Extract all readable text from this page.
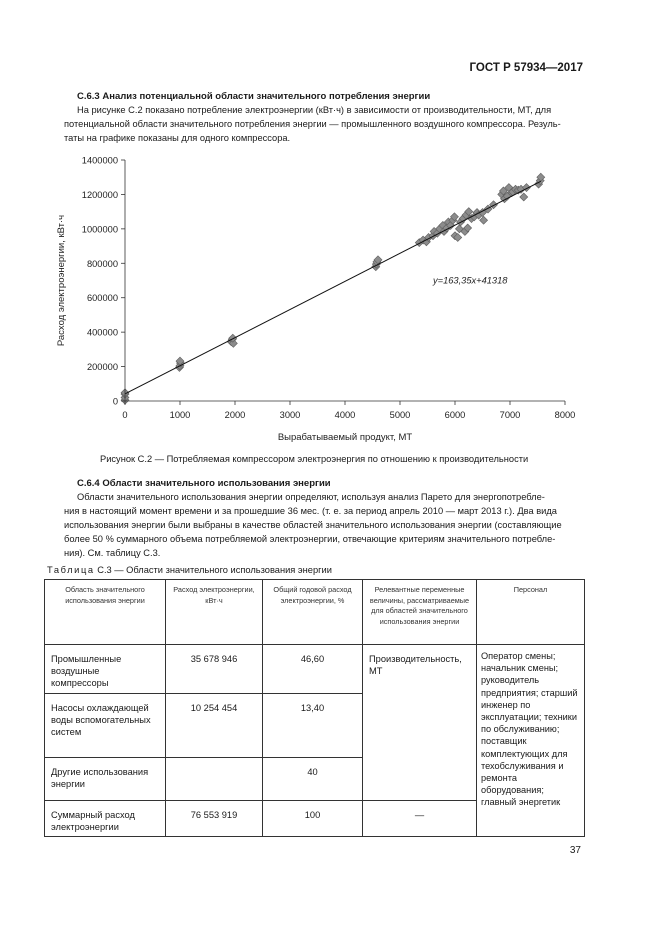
ГОСТ Р 57934—2017
С.6.3 Анализ потенциальной области значительного потребления энергии
На рисунке С.2 показано потребление электроэнергии (кВт·ч) в зависимости от производительности, МТ, для
потенциальной области значительного потребления энергии — промышленного воздушного компрессора. Резуль-
таты на графике показаны для одного компрессора.
0
200000
400000
600000
800000
1000000
1200000
1400000
0	1000	2000	3000	4000	5000	6000	7000	8000
y=163,35x+41318
Вырабатываемый продукт, МТ
Расход электроэнергии, кВт·ч
Рисунок С.2 — Потребляемая компрессором электроэнергия по отношению к производительности
С.6.4 Области значительного использования энергии
Области значительного использования энергии определяют, используя анализ Парето для энергопотребле-
ния в настоящий момент времени и за прошедшие 36 мес. (т. е. за период апрель 2010 — март 2013 г.). Два вида
использования энергии были выбраны в качестве областей значительного использования энергии (составляющие
более 50 % суммарного объема потребляемой электроэнергии, отвечающие критериям значительного потребле-
ния). См. таблицу С.3.
Таблица С.3 — Области значительного использования энергии
Область значительного использования энергии	Расход электроэнергии, кВт·ч	Общий годовой расход электроэнергии, %	Релевантные переменные величины, рассматриваемые для областей значительного использования энергии	Персонал
Промышленные воздушные компрессоры	35 678 946	46,60	Производительность, МТ	Оператор смены; начальник смены; руководитель предприятия; старший инженер по эксплуатации; техники по обслуживанию; поставщик комплектующих для техобслуживания и ремонта оборудования; главный энергетик
Насосы охлаждающей воды вспомогательных систем	10 254 454	13,40		
Другие использования энергии		40		
Суммарный расход электроэнергии	76 553 919	100	—	
37
